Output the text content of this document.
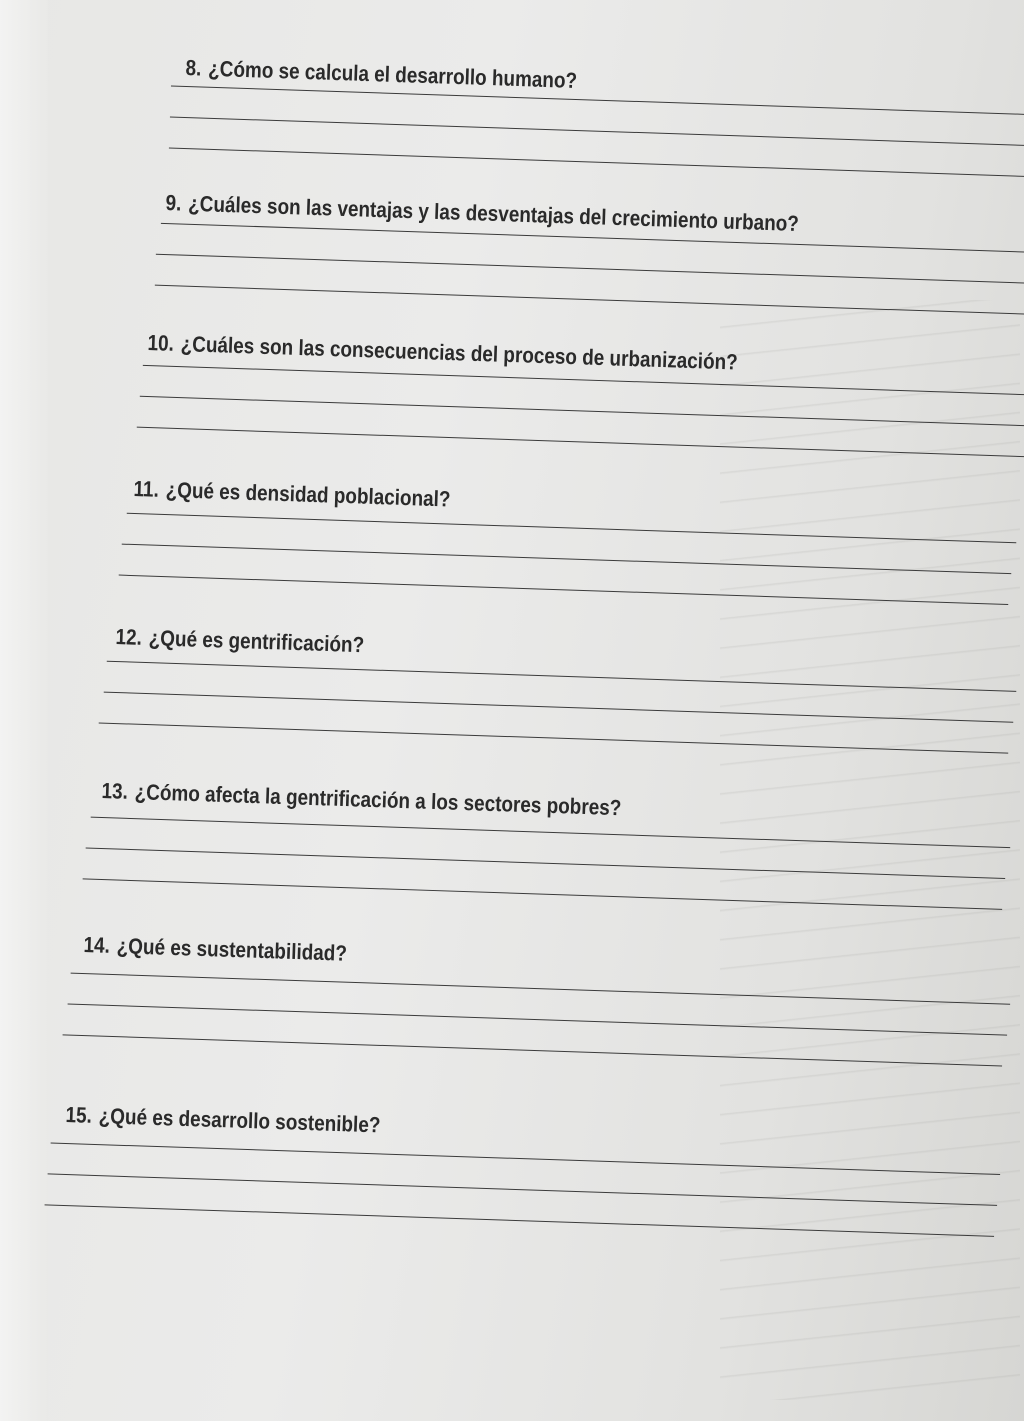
8. ¿Cómo se calcula el desarrollo humano?
9. ¿Cuáles son las ventajas y las desventajas del crecimiento urbano?
10. ¿Cuáles son las consecuencias del proceso de urbanización?
11. ¿Qué es densidad poblacional?
12. ¿Qué es gentrificación?
13. ¿Cómo afecta la gentrificación a los sectores pobres?
14. ¿Qué es sustentabilidad?
15. ¿Qué es desarrollo sostenible?
